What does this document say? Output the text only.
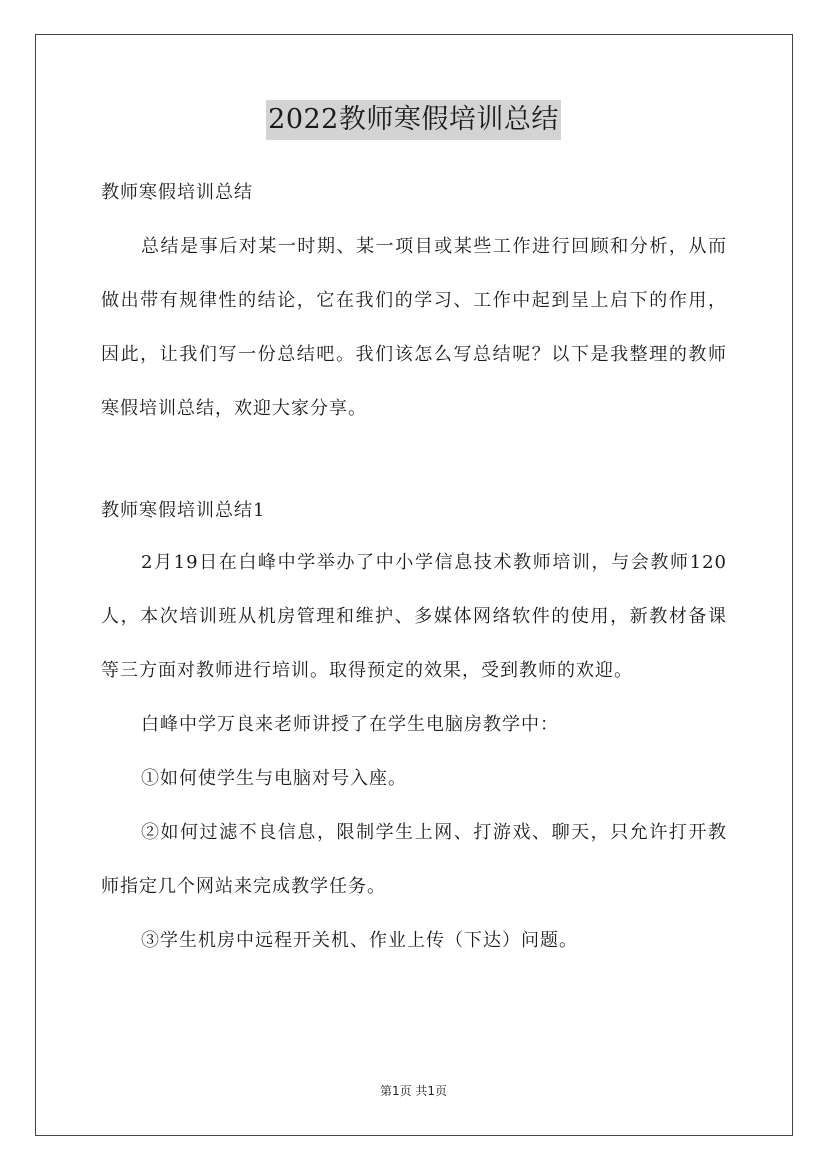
2022教师寒假培训总结

教师寒假培训总结

总结是事后对某一时期、某一项目或某些工作进行回顾和分析，从而做出带有规律性的结论，它在我们的学习、工作中起到呈上启下的作用，因此，让我们写一份总结吧。我们该怎么写总结呢？以下是我整理的教师寒假培训总结，欢迎大家分享。

教师寒假培训总结1

2月19日在白峰中学举办了中小学信息技术教师培训，与会教师120人，本次培训班从机房管理和维护、多媒体网络软件的使用，新教材备课等三方面对教师进行培训。取得预定的效果，受到教师的欢迎。

白峰中学万良来老师讲授了在学生电脑房教学中：

①如何使学生与电脑对号入座。

②如何过滤不良信息，限制学生上网、打游戏、聊天，只允许打开教师指定几个网站来完成教学任务。

③学生机房中远程开关机、作业上传（下达）问题。

第1页 共1页
